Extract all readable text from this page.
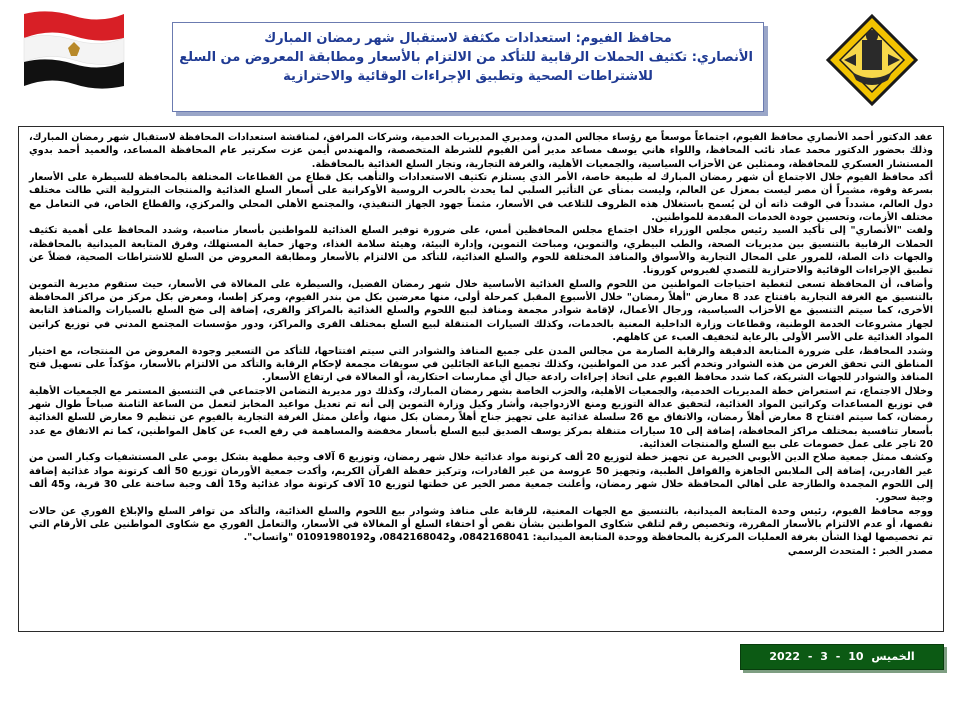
محافظ الفيوم: استعدادات مكثفة لاستقبال شهر رمضان المبارك
الأنصاري: تكثيف الحملات الرقابية للتأكد من الالتزام بالأسعار ومطابقة المعروض من السلع
للاشتراطات الصحية وتطبيق الإجراءات الوقائية والاحترازية

عقد الدكتور أحمد الأنصاري محافظ الفيوم، اجتماعاً موسعاً مع رؤساء مجالس المدن، ومديري المديريات الخدمية، وشركات المرافق، لمناقشة استعدادات المحافظة لاستقبال شهر رمضان المبارك، وذلك بحضور الدكتور محمد عماد نائب المحافظ، واللواء هاني يوسف مساعد مدير أمن الفيوم للشرطة المتخصصة، والمهندس أيمن عزت سكرتير عام المحافظة المساعد، والعميد أحمد بدوي المستشار العسكري للمحافظة، وممثلين عن الأحزاب السياسية، والجمعيات الأهلية، والغرفة التجارية، وتجار السلع الغذائية بالمحافظة.

أكد محافظ الفيوم خلال الاجتماع أن شهر رمضان المبارك له طبيعة خاصة، الأمر الذي يستلزم تكثيف الاستعدادات والتأهب بكل قطاع من القطاعات المختلفة بالمحافظة للسيطرة على الأسعار بسرعة وقوة، مشيراً أن مصر ليست بمعزل عن العالم، وليست بمنأى عن التأثير السلبي لما يحدث بالحرب الروسية الأوكرانية على أسعار السلع الغذائية والمنتجات البترولية التي طالت مختلف دول العالم، مشدداً في الوقت ذاته أن لن يُسمح باستغلال هذه الظروف للتلاعب في الأسعار، مثمناً جهود الجهاز التنفيذي، والمجتمع الأهلي المحلي والمركزي، والقطاع الخاص، في التعامل مع مختلف الأزمات، وتحسين جودة الخدمات المقدمة للمواطنين.

ولفت "الأنصاري" إلى تأكيد السيد رئيس مجلس الوزراء خلال اجتماع مجلس المحافظين أمس، على ضرورة توفير السلع الغذائية للمواطنين بأسعار مناسبة، وشدد المحافظ على أهمية تكثيف الحملات الرقابية بالتنسيق بين مديريات الصحة، والطب البيطري، والتموين، ومباحث التموين، وإدارة البيئة، وهيئة سلامة الغذاء، وجهاز حماية المستهلك، وفرق المتابعة الميدانية بالمحافظة، والجهات ذات الصلة، للمرور على المحال التجارية والأسواق والمنافذ المختلفة للحوم والسلع الغذائية، للتأكد من الالتزام بالأسعار ومطابقة المعروض من السلع للاشتراطات الصحية، فضلاً عن تطبيق الإجراءات الوقائية والاحترازية للتصدي لفيروس كورونا.

وأضاف، أن المحافظة تسعى لتغطية احتياجات المواطنين من اللحوم والسلع الغذائية الأساسية خلال شهر رمضان الفضيل، والسيطرة على المغالاة في الأسعار، حيث ستقوم مديرية التموين بالتنسيق مع الغرفة التجارية بافتتاح عدد 8 معارض "أهلاً رمضان" خلال الأسبوع المقبل كمرحلة أولى، منها معرضين بكل من بندر الفيوم، ومركز إطسا، ومعرض بكل مركز من مراكز المحافظة الأخرى، كما سيتم التنسيق مع الأحزاب السياسية، ورجال الأعمال، لإقامة شوادر مجمعة ومنافذ لبيع اللحوم والسلع الغذائية بالمراكز والقرى، إضافة إلى ضخ السلع بالسيارات والمنافذ التابعة لجهاز مشروعات الخدمة الوطنية، وقطاعات وزارة الداخلية المعنية بالخدمات، وكذلك السيارات المتنقلة لبيع السلع بمختلف القرى والمراكز، ودور مؤسسات المجتمع المدني في توزيع كراتين المواد الغذائية على الأسر الأولى بالرعاية لتخفيف العبء عن كاهلهم.

وشدد المحافظ، على ضرورة المتابعة الدقيقة والرقابة الصارمة من مجالس المدن على جميع المنافذ والشوادر التي سيتم افتتاحها، للتأكد من التسعير وجودة المعروض من المنتجات، مع اختيار المناطق التي تحقق الغرض من هذه الشوادر وتخدم أكبر عدد من المواطنين، وكذلك تجميع الباعة الجائلين في سويقات مجمعة لإحكام الرقابة والتأكد من الالتزام بالأسعار، مؤكداً على تسهيل فتح المنافذ والشوادر للجهات الشريكة، كما شدد محافظ الفيوم على اتخاذ إجراءات رادعة حيال أي ممارسات احتكارية، أو المغالاة في ارتفاع الأسعار.

وخلال الاجتماع، تم استعراض خطة المديريات الخدمية، والجمعيات الأهلية، والحزب الخاصة بشهر رمضان المبارك، وكذلك دور مديرية التضامن الاجتماعي في التنسيق المستمر مع الجمعيات الأهلية في توزيع المساعدات وكراتين المواد الغذائية، لتحقيق عدالة التوزيع ومنع الازدواجية، وأشار وكيل وزارة التموين إلى أنه تم تعديل مواعيد المخابز لتعمل من الساعة الثامنة صباحاً طوال شهر رمضان، كما سيتم افتتاح 8 معارض أهلاً رمضان، والاتفاق مع 26 سلسلة غذائية على تجهيز جناح أهلاً رمضان بكل منها، وأعلن ممثل الغرفة التجارية بالفيوم عن تنظيم 9 معارض للسلع الغذائية بأسعار تنافسية بمختلف مراكز المحافظة، إضافة إلى 10 سيارات متنقلة بمركز يوسف الصديق لبيع السلع بأسعار مخفضة والمساهمة في رفع العبء عن كاهل المواطنين، كما تم الاتفاق مع عدد 20 تاجر على عمل خصومات على بيع السلع والمنتجات الغذائية.

وكشف ممثل جمعية صلاح الدين الأيوبي الخيرية عن تجهيز خطة لتوزيع 20 ألف كرتونة مواد غذائية خلال شهر رمضان، وتوزيع 6 آلاف وجبة مطهية بشكل يومي على المستشفيات وكبار السن من غير القادرين، إضافة إلى الملابس الجاهزة والقوافل الطبية، وتجهيز 50 عروسة من غير القادرات، وتركيز حفظة القرآن الكريم، وأكدت جمعية الأورمان توزيع 50 ألف كرتونة مواد غذائية إضافة إلى اللحوم المجمدة والطازجة على أهالي المحافظة خلال شهر رمضان، وأعلنت جمعية مصر الخير عن خطتها لتوزيع 10 آلاف كرتونة مواد غذائية و15 ألف وجبة ساخنة على 30 قرية، و45 ألف وجبة سحور.

ووجه محافظ الفيوم، رئيس وحدة المتابعة الميدانية، بالتنسيق مع الجهات المعنية، للرقابة على منافذ وشوادر بيع اللحوم والسلع الغذائية، والتأكد من توافر السلع والإبلاغ الفوري عن حالات نقصها، أو عدم الالتزام بالأسعار المقررة، وتخصيص رقم لتلقي شكاوى المواطنين بشأن نقص أو اختفاء السلع أو المغالاة في الأسعار، والتعامل الفوري مع شكاوى المواطنين على الأرقام التي تم تخصيصها لهذا الشأن بغرفة العمليات المركزية بالمحافظة ووحدة المتابعة الميدانية: 0842168041، و0842168042، و01091980192 "واتساب".

مصدر الخبر : المتحدث الرسمي

الخميس 10 - 3 - 2022
